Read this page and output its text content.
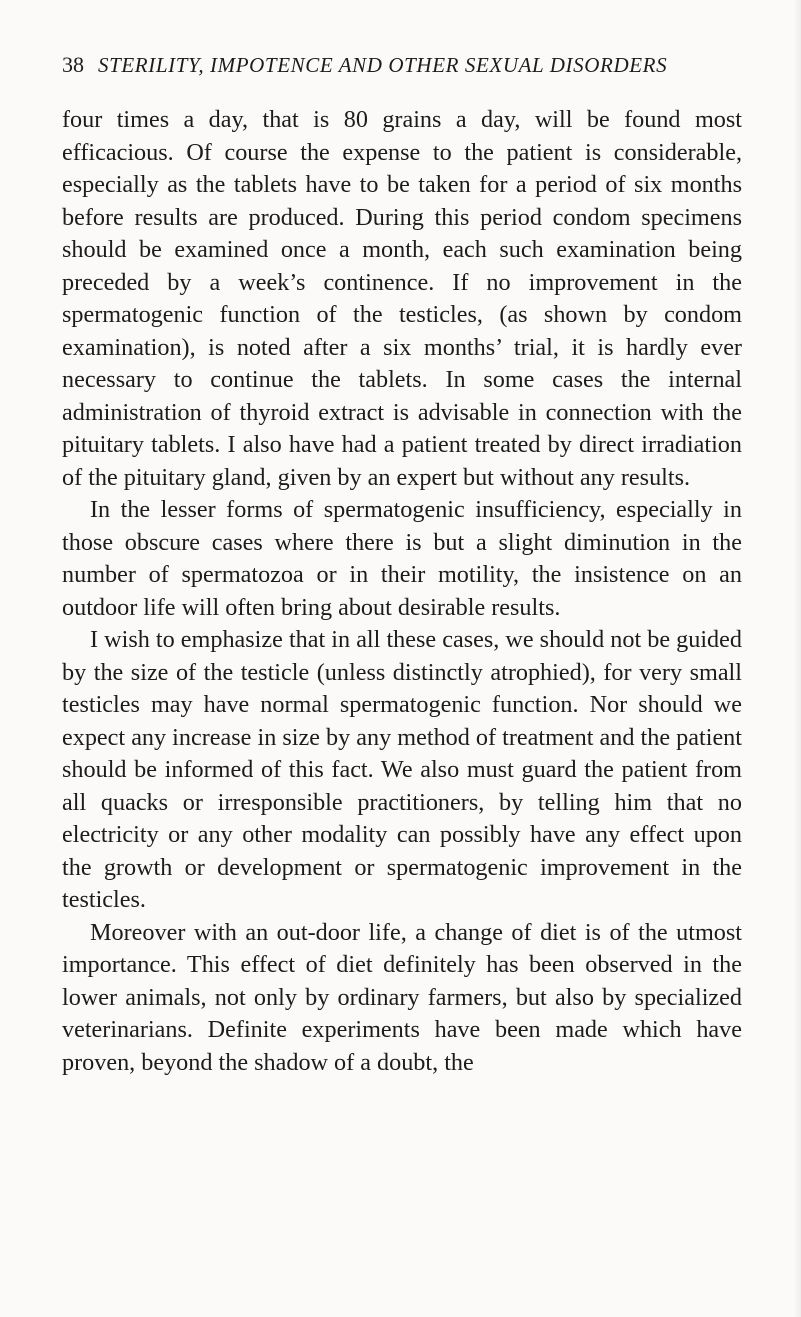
38 STERILITY, IMPOTENCE AND OTHER SEXUAL DISORDERS

four times a day, that is 80 grains a day, will be found most efficacious. Of course the expense to the patient is considerable, especially as the tablets have to be taken for a period of six months before results are produced. During this period condom specimens should be examined once a month, each such examination being preceded by a week’s continence. If no improvement in the spermatogenic function of the testicles, (as shown by condom examination), is noted after a six months’ trial, it is hardly ever necessary to continue the tablets. In some cases the internal administration of thyroid extract is advisable in connection with the pituitary tablets. I also have had a patient treated by direct irradiation of the pituitary gland, given by an expert but without any results.

In the lesser forms of spermatogenic insufficiency, especially in those obscure cases where there is but a slight diminution in the number of spermatozoa or in their motility, the insistence on an outdoor life will often bring about desirable results.

I wish to emphasize that in all these cases, we should not be guided by the size of the testicle (unless distinctly atrophied), for very small testicles may have normal spermatogenic function. Nor should we expect any increase in size by any method of treatment and the patient should be informed of this fact. We also must guard the patient from all quacks or irresponsible practitioners, by telling him that no electricity or any other modality can possibly have any effect upon the growth or development or spermatogenic improvement in the testicles.

Moreover with an out-door life, a change of diet is of the utmost importance. This effect of diet definitely has been observed in the lower animals, not only by ordinary farmers, but also by specialized veterinarians. Definite experiments have been made which have proven, beyond the shadow of a doubt, the
